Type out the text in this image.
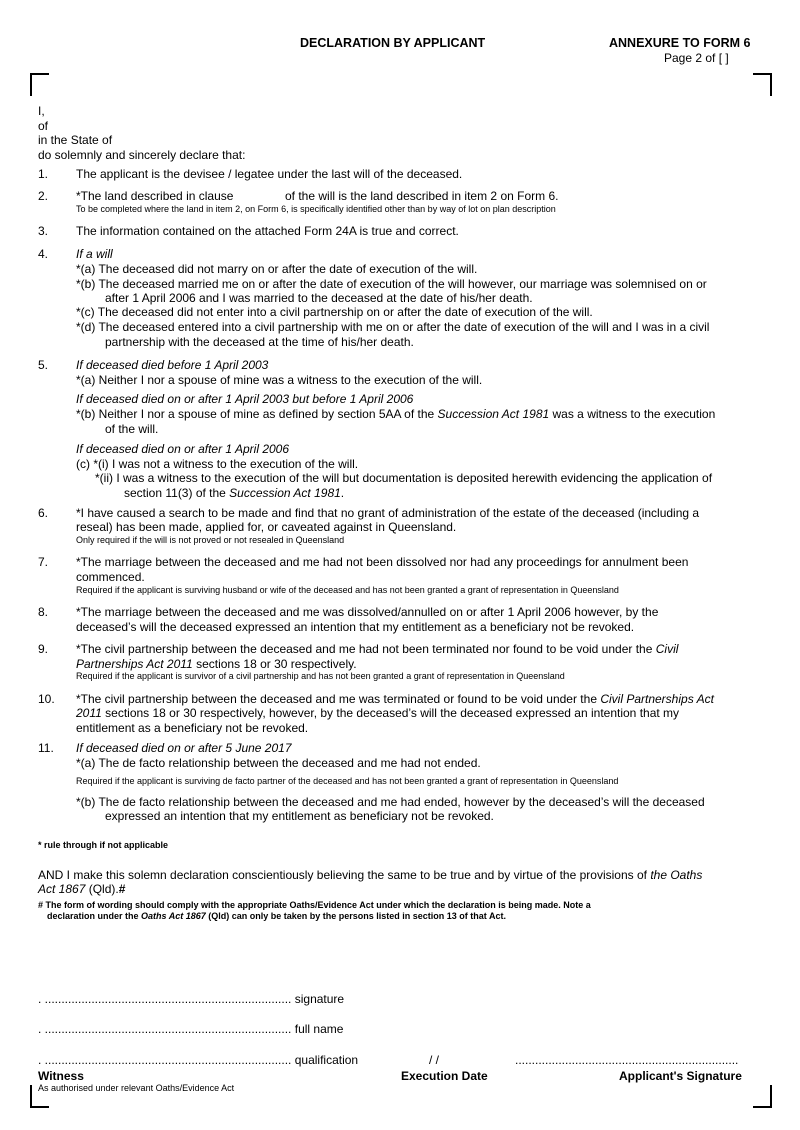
DECLARATION BY APPLICANT	ANNEXURE TO FORM 6
Page 2 of [ ]
I,
of
in the State of
do solemnly and sincerely declare that:
1. The applicant is the devisee / legatee under the last will of the deceased.
2. *The land described in clause	of the will is the land described in item 2 on Form 6.
To be completed where the land in item 2, on Form 6, is specifically identified other than by way of lot on plan description
3. The information contained on the attached Form 24A is true and correct.
4. If a will
*(a) The deceased did not marry on or after the date of execution of the will.
*(b) The deceased married me on or after the date of execution of the will however, our marriage was solemnised on or
after 1 April 2006 and I was married to the deceased at the date of his/her death.
*(c) The deceased did not enter into a civil partnership on or after the date of execution of the will.
*(d) The deceased entered into a civil partnership with me on or after the date of execution of the will and I was in a civil
partnership with the deceased at the time of his/her death.
5. If deceased died before 1 April 2003
*(a) Neither I nor a spouse of mine was a witness to the execution of the will.
If deceased died on or after 1 April 2003 but before 1 April 2006
*(b) Neither I nor a spouse of mine as defined by section 5AA of the Succession Act 1981 was a witness to the execution
of the will.
If deceased died on or after 1 April 2006
(c) *(i) I was not a witness to the execution of the will.
*(ii) I was a witness to the execution of the will but documentation is deposited herewith evidencing the application of
section 11(3) of the Succession Act 1981.
6. *I have caused a search to be made and find that no grant of administration of the estate of the deceased (including a
reseal) has been made, applied for, or caveated against in Queensland.
Only required if the will is not proved or not resealed in Queensland
7. *The marriage between the deceased and me had not been dissolved nor had any proceedings for annulment been
commenced.
Required if the applicant is surviving husband or wife of the deceased and has not been granted a grant of representation in Queensland
8. *The marriage between the deceased and me was dissolved/annulled on or after 1 April 2006 however, by the
deceased’s will the deceased expressed an intention that my entitlement as a beneficiary not be revoked.
9. *The civil partnership between the deceased and me had not been terminated nor found to be void under the Civil
Partnerships Act 2011 sections 18 or 30 respectively.
Required if the applicant is survivor of a civil partnership and has not been granted a grant of representation in Queensland
10. *The civil partnership between the deceased and me was terminated or found to be void under the Civil Partnerships Act
2011 sections 18 or 30 respectively, however, by the deceased’s will the deceased expressed an intention that my
entitlement as a beneficiary not be revoked.
11. If deceased died on or after 5 June 2017
*(a) The de facto relationship between the deceased and me had not ended.
Required if the applicant is surviving de facto partner of the deceased and has not been granted a grant of representation in Queensland
*(b) The de facto relationship between the deceased and me had ended, however by the deceased’s will the deceased
expressed an intention that my entitlement as beneficiary not be revoked.
* rule through if not applicable
AND I make this solemn declaration conscientiously believing the same to be true and by virtue of the provisions of the Oaths
Act 1867 (Qld).#
# The form of wording should comply with the appropriate Oaths/Evidence Act under which the declaration is being made. Note a
declaration under the Oaths Act 1867 (Qld) can only be taken by the persons listed in section 13 of that Act.
. .......................................................................... signature
. .......................................................................... full name
. .......................................................................... qualification	/ /	...................................................................
Witness
As authorised under relevant Oaths/Evidence Act
Execution Date	Applicant's Signature
